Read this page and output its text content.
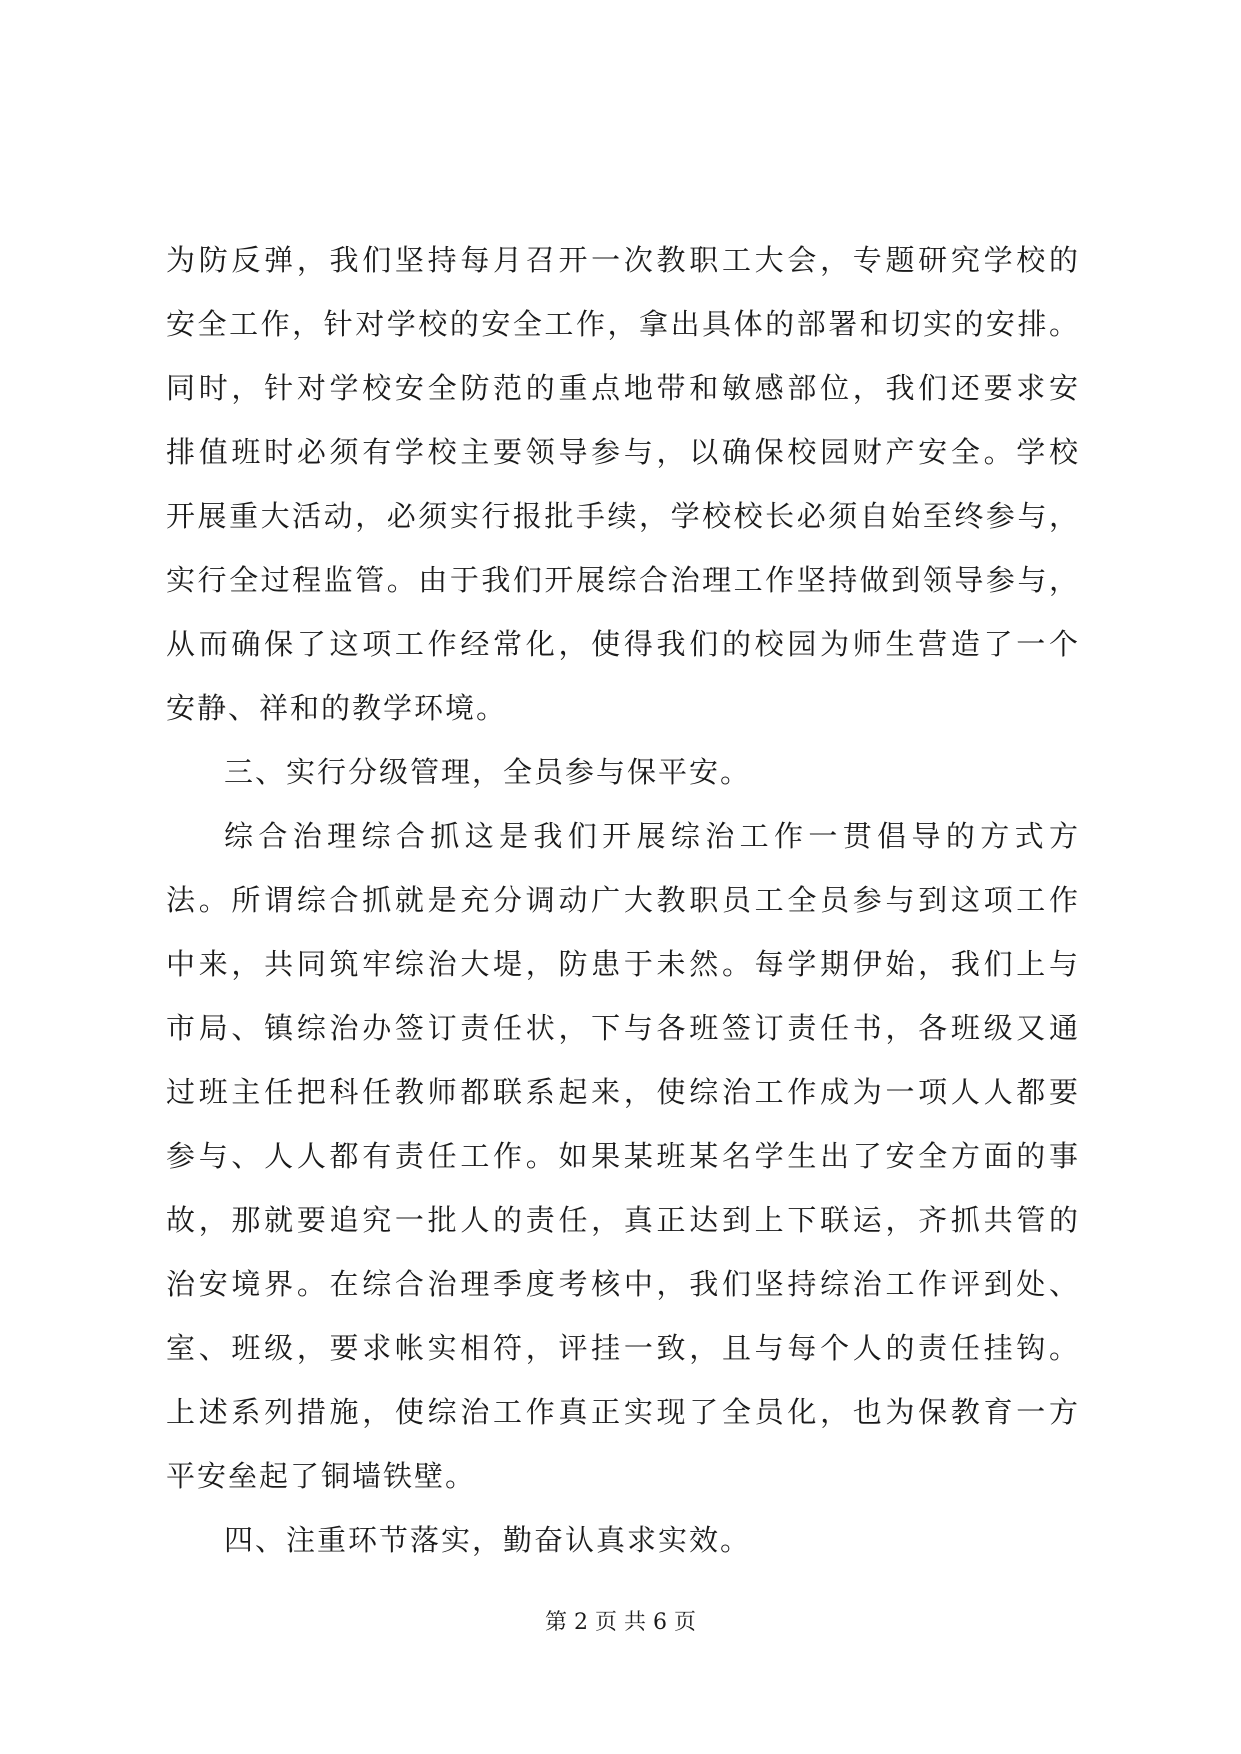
为防反弹，我们坚持每月召开一次教职工大会，专题研究学校的
安全工作，针对学校的安全工作，拿出具体的部署和切实的安排。
同时，针对学校安全防范的重点地带和敏感部位，我们还要求安
排值班时必须有学校主要领导参与，以确保校园财产安全。学校
开展重大活动，必须实行报批手续，学校校长必须自始至终参与，
实行全过程监管。由于我们开展综合治理工作坚持做到领导参与，
从而确保了这项工作经常化，使得我们的校园为师生营造了一个
安静、祥和的教学环境。
三、实行分级管理，全员参与保平安。
综合治理综合抓这是我们开展综治工作一贯倡导的方式方
法。所谓综合抓就是充分调动广大教职员工全员参与到这项工作
中来，共同筑牢综治大堤，防患于未然。每学期伊始，我们上与
市局、镇综治办签订责任状，下与各班签订责任书，各班级又通
过班主任把科任教师都联系起来，使综治工作成为一项人人都要
参与、人人都有责任工作。如果某班某名学生出了安全方面的事
故，那就要追究一批人的责任，真正达到上下联运，齐抓共管的
治安境界。在综合治理季度考核中，我们坚持综治工作评到处、
室、班级，要求帐实相符，评挂一致，且与每个人的责任挂钩。
上述系列措施，使综治工作真正实现了全员化，也为保教育一方
平安垒起了铜墙铁壁。
四、注重环节落实，勤奋认真求实效。
第 2 页 共 6 页
